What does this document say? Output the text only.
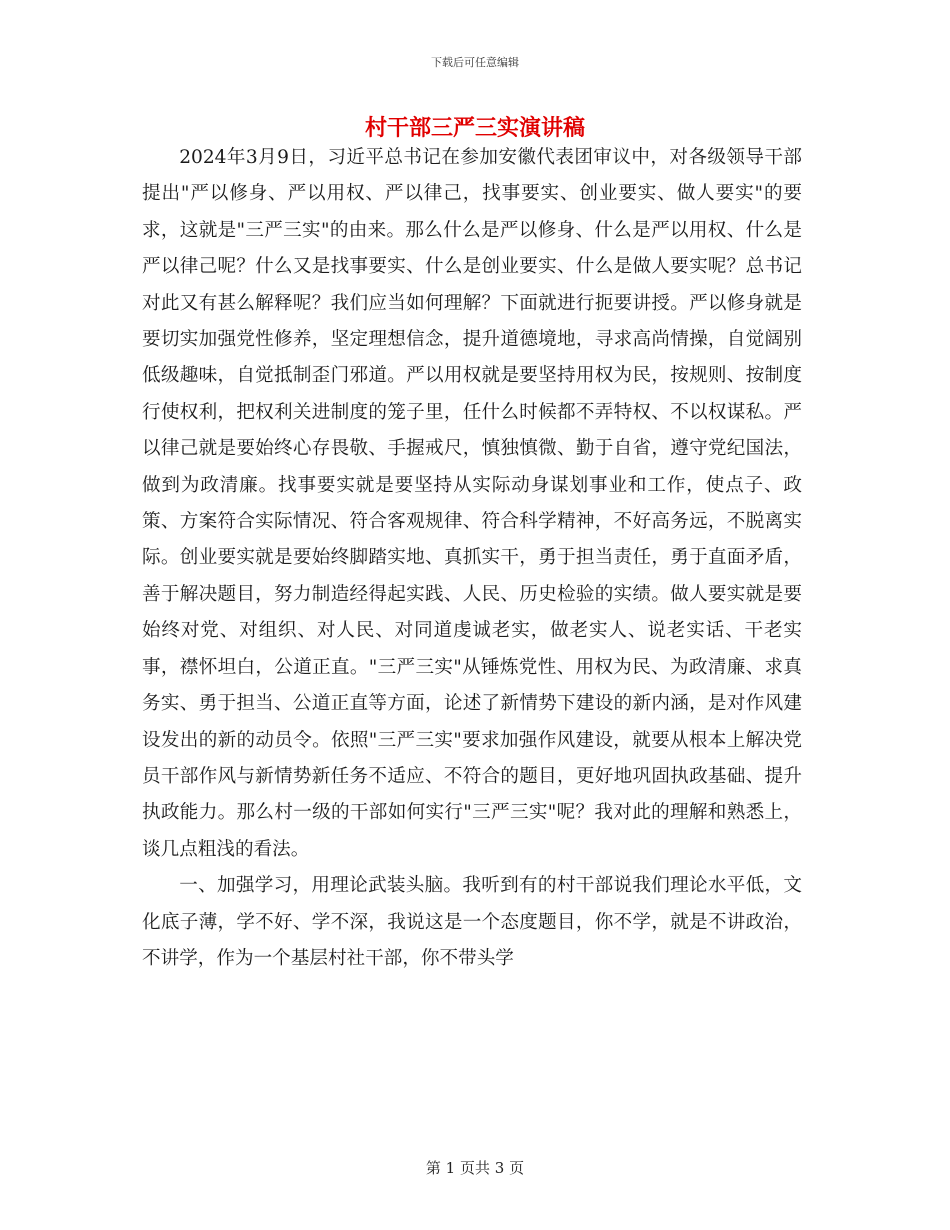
下载后可任意编辑
村干部三严三实演讲稿

2024年3月9日，习近平总书记在参加安徽代表团审议中，对各级领导干部提出"严以修身、严以用权、严以律己，找事要实、创业要实、做人要实"的要求，这就是"三严三实"的由来。那么什么是严以修身、什么是严以用权、什么是严以律己呢？什么又是找事要实、什么是创业要实、什么是做人要实呢？总书记对此又有甚么解释呢？我们应当如何理解？下面就进行扼要讲授。严以修身就是要切实加强党性修养，坚定理想信念，提升道德境地，寻求高尚情操，自觉阔别低级趣味，自觉抵制歪门邪道。严以用权就是要坚持用权为民，按规则、按制度行使权利，把权利关进制度的笼子里，任什么时候都不弄特权、不以权谋私。严以律己就是要始终心存畏敬、手握戒尺，慎独慎微、勤于自省，遵守党纪国法，做到为政清廉。找事要实就是要坚持从实际动身谋划事业和工作，使点子、政策、方案符合实际情况、符合客观规律、符合科学精神，不好高务远，不脱离实际。创业要实就是要始终脚踏实地、真抓实干，勇于担当责任，勇于直面矛盾，善于解决题目，努力制造经得起实践、人民、历史检验的实绩。做人要实就是要始终对党、对组织、对人民、对同道虔诚老实，做老实人、说老实话、干老实事，襟怀坦白，公道正直。"三严三实"从锤炼党性、用权为民、为政清廉、求真务实、勇于担当、公道正直等方面，论述了新情势下建设的新内涵，是对作风建设发出的新的动员令。依照"三严三实"要求加强作风建设，就要从根本上解决党员干部作风与新情势新任务不适应、不符合的题目，更好地巩固执政基础、提升执政能力。那么村一级的干部如何实行"三严三实"呢？我对此的理解和熟悉上，谈几点粗浅的看法。

一、加强学习，用理论武装头脑。我听到有的村干部说我们理论水平低，文化底子薄，学不好、学不深，我说这是一个态度题目，你不学，就是不讲政治，不讲学，作为一个基层村社干部，你不带头学

第 1 页共 3 页
